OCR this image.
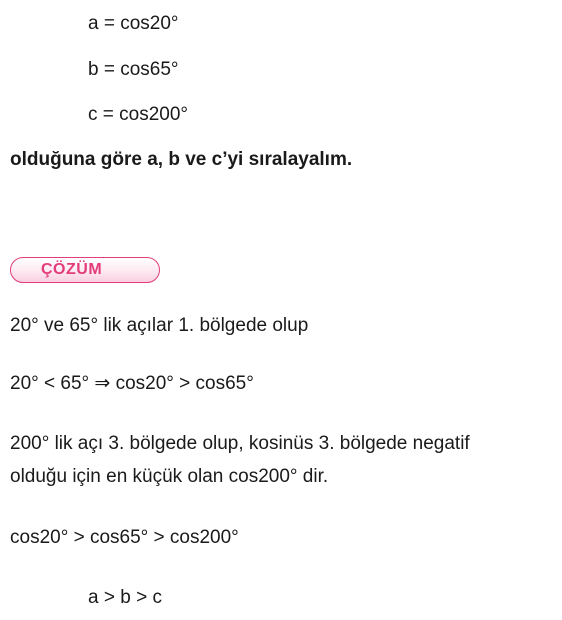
a = cos20°
b = cos65°
c = cos200°
olduğuna göre a, b ve c’yi sıralayalım.
ÇÖZÜM
20° ve 65° lik açılar 1. bölgede olup
20° < 65° ⇒ cos20° > cos65°
200° lik açı 3. bölgede olup, kosinüs 3. bölgede negatif
olduğu için en küçük olan cos200° dir.
cos20° > cos65° > cos200°
a > b > c
